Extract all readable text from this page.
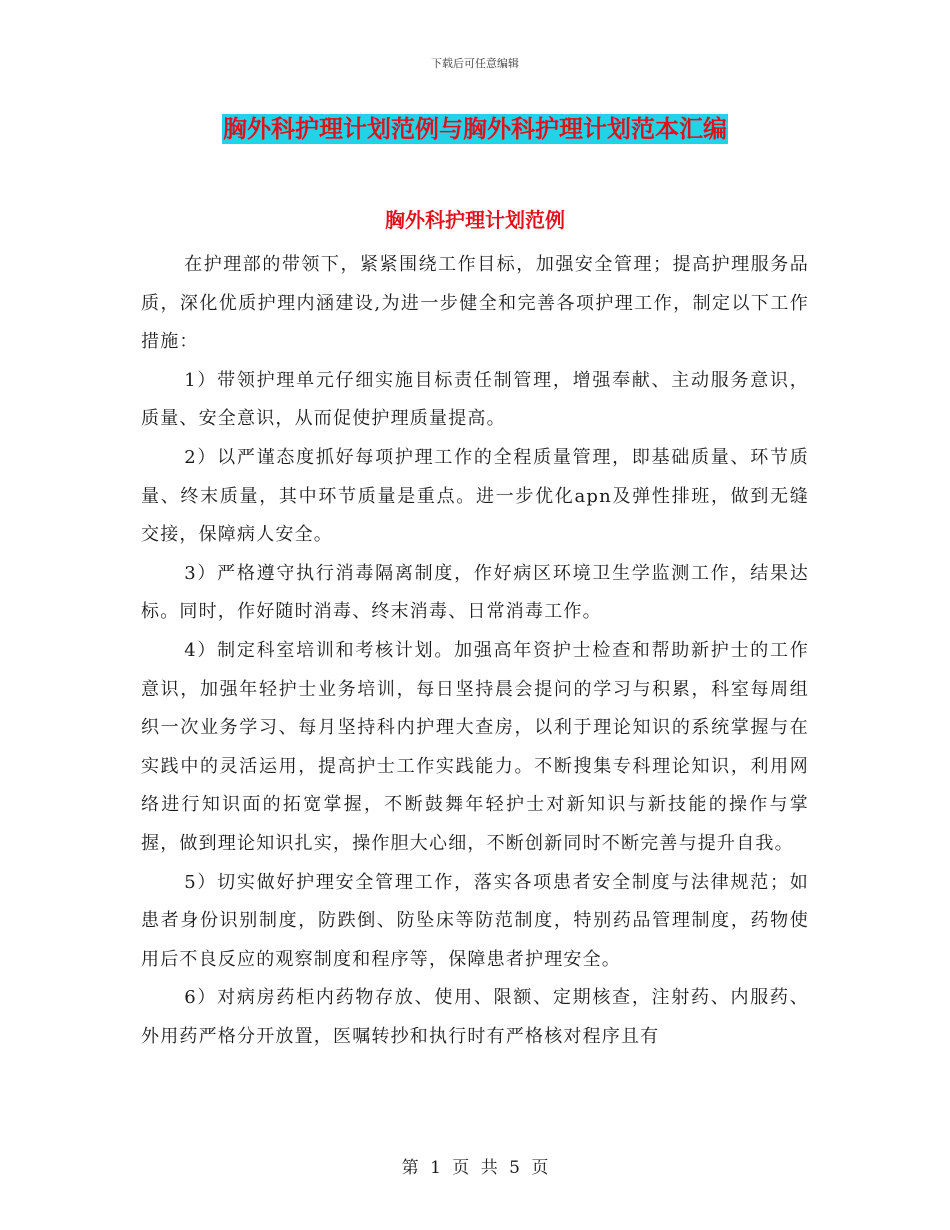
下载后可任意编辑
胸外科护理计划范例与胸外科护理计划范本汇编
胸外科护理计划范例

在护理部的带领下，紧紧围绕工作目标，加强安全管理；提高护理服务品质，深化优质护理内涵建设,为进一步健全和完善各项护理工作，制定以下工作措施：

1）带领护理单元仔细实施目标责任制管理，增强奉献、主动服务意识，质量、安全意识，从而促使护理质量提高。

2）以严谨态度抓好每项护理工作的全程质量管理，即基础质量、环节质量、终末质量，其中环节质量是重点。进一步优化apn及弹性排班，做到无缝交接，保障病人安全。

3）严格遵守执行消毒隔离制度，作好病区环境卫生学监测工作，结果达标。同时，作好随时消毒、终末消毒、日常消毒工作。

4）制定科室培训和考核计划。加强高年资护士检查和帮助新护士的工作意识，加强年轻护士业务培训，每日坚持晨会提问的学习与积累，科室每周组织一次业务学习、每月坚持科内护理大查房，以利于理论知识的系统掌握与在实践中的灵活运用，提高护士工作实践能力。不断搜集专科理论知识，利用网络进行知识面的拓宽掌握，不断鼓舞年轻护士对新知识与新技能的操作与掌握，做到理论知识扎实，操作胆大心细，不断创新同时不断完善与提升自我。

5）切实做好护理安全管理工作，落实各项患者安全制度与法律规范；如患者身份识别制度，防跌倒、防坠床等防范制度，特别药品管理制度，药物使用后不良反应的观察制度和程序等，保障患者护理安全。

6）对病房药柜内药物存放、使用、限额、定期核查，注射药、内服药、外用药严格分开放置，医嘱转抄和执行时有严格核对程序且有

第 1 页 共 5 页
